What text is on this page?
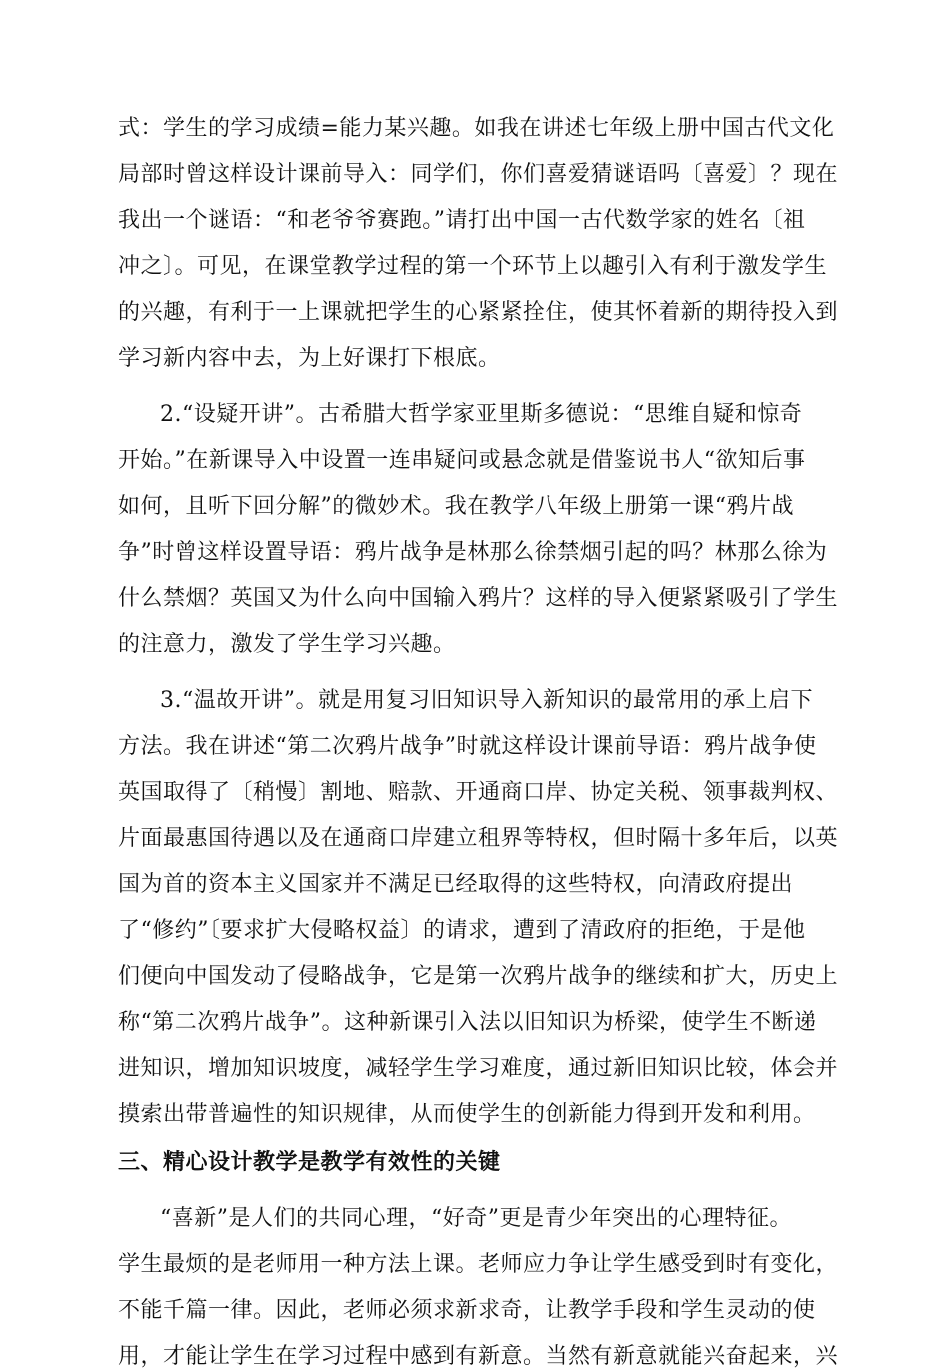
式：学生的学习成绩=能力某兴趣。如我在讲述七年级上册中国古代文化
局部时曾这样设计课前导入：同学们，你们喜爱猜谜语吗〔喜爱〕？现在
我出一个谜语：“和老爷爷赛跑。”请打出中国一古代数学家的姓名〔祖
冲之〕。可见，在课堂教学过程的第一个环节上以趣引入有利于激发学生
的兴趣，有利于一上课就把学生的心紧紧拴住，使其怀着新的期待投入到
学习新内容中去，为上好课打下根底。
2.“设疑开讲”。古希腊大哲学家亚里斯多德说：“思维自疑和惊奇
开始。”在新课导入中设置一连串疑问或悬念就是借鉴说书人“欲知后事
如何，且听下回分解”的微妙术。我在教学八年级上册第一课“鸦片战
争”时曾这样设置导语：鸦片战争是林那么徐禁烟引起的吗？林那么徐为
什么禁烟？英国又为什么向中国输入鸦片？这样的导入便紧紧吸引了学生
的注意力，激发了学生学习兴趣。
3.“温故开讲”。就是用复习旧知识导入新知识的最常用的承上启下
方法。我在讲述“第二次鸦片战争”时就这样设计课前导语：鸦片战争使
英国取得了〔稍慢〕割地、赔款、开通商口岸、协定关税、领事裁判权、
片面最惠国待遇以及在通商口岸建立租界等特权，但时隔十多年后，以英
国为首的资本主义国家并不满足已经取得的这些特权，向清政府提出
了“修约”〔要求扩大侵略权益〕的请求，遭到了清政府的拒绝，于是他
们便向中国发动了侵略战争，它是第一次鸦片战争的继续和扩大，历史上
称“第二次鸦片战争”。这种新课引入法以旧知识为桥梁，使学生不断递
进知识，增加知识坡度，减轻学生学习难度，通过新旧知识比较，体会并
摸索出带普遍性的知识规律，从而使学生的创新能力得到开发和利用。
三、精心设计教学是教学有效性的关键
“喜新”是人们的共同心理，“好奇”更是青少年突出的心理特征。
学生最烦的是老师用一种方法上课。老师应力争让学生感受到时有变化，
不能千篇一律。因此，老师必须求新求奇，让教学手段和学生灵动的使
用，才能让学生在学习过程中感到有新意。当然有新意就能兴奋起来，兴
